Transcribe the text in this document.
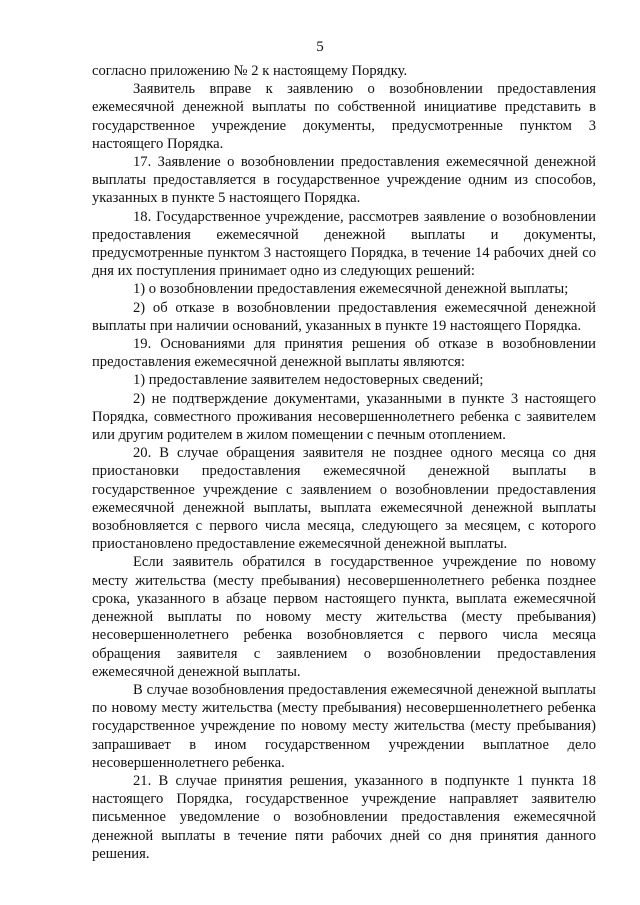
5

согласно приложению № 2 к настоящему Порядку.

Заявитель вправе к заявлению о возобновлении предоставления ежемесячной денежной выплаты по собственной инициативе представить в государственное учреждение документы, предусмотренные пунктом 3 настоящего Порядка.

17. Заявление о возобновлении предоставления ежемесячной денежной выплаты предоставляется в государственное учреждение одним из способов, указанных в пункте 5 настоящего Порядка.

18. Государственное учреждение, рассмотрев заявление о возобновлении предоставления ежемесячной денежной выплаты и документы, предусмотренные пунктом 3 настоящего Порядка, в течение 14 рабочих дней со дня их поступления принимает одно из следующих решений:

1) о возобновлении предоставления ежемесячной денежной выплаты;

2) об отказе в возобновлении предоставления ежемесячной денежной выплаты при наличии оснований, указанных в пункте 19 настоящего Порядка.

19. Основаниями для принятия решения об отказе в возобновлении предоставления ежемесячной денежной выплаты являются:

1) предоставление заявителем недостоверных сведений;

2) не подтверждение документами, указанными в пункте 3 настоящего Порядка, совместного проживания несовершеннолетнего ребенка с заявителем или другим родителем в жилом помещении с печным отоплением.

20. В случае обращения заявителя не позднее одного месяца со дня приостановки предоставления ежемесячной денежной выплаты в государственное учреждение с заявлением о возобновлении предоставления ежемесячной денежной выплаты, выплата ежемесячной денежной выплаты возобновляется с первого числа месяца, следующего за месяцем, с которого приостановлено предоставление ежемесячной денежной выплаты.

Если заявитель обратился в государственное учреждение по новому месту жительства (месту пребывания) несовершеннолетнего ребенка позднее срока, указанного в абзаце первом настоящего пункта, выплата ежемесячной денежной выплаты по новому месту жительства (месту пребывания) несовершеннолетнего ребенка возобновляется с первого числа месяца обращения заявителя с заявлением о возобновлении предоставления ежемесячной денежной выплаты.

В случае возобновления предоставления ежемесячной денежной выплаты по новому месту жительства (месту пребывания) несовершеннолетнего ребенка государственное учреждение по новому месту жительства (месту пребывания) запрашивает в ином государственном учреждении выплатное дело несовершеннолетнего ребенка.

21. В случае принятия решения, указанного в подпункте 1 пункта 18 настоящего Порядка, государственное учреждение направляет заявителю письменное уведомление о возобновлении предоставления ежемесячной денежной выплаты в течение пяти рабочих дней со дня принятия данного решения.
